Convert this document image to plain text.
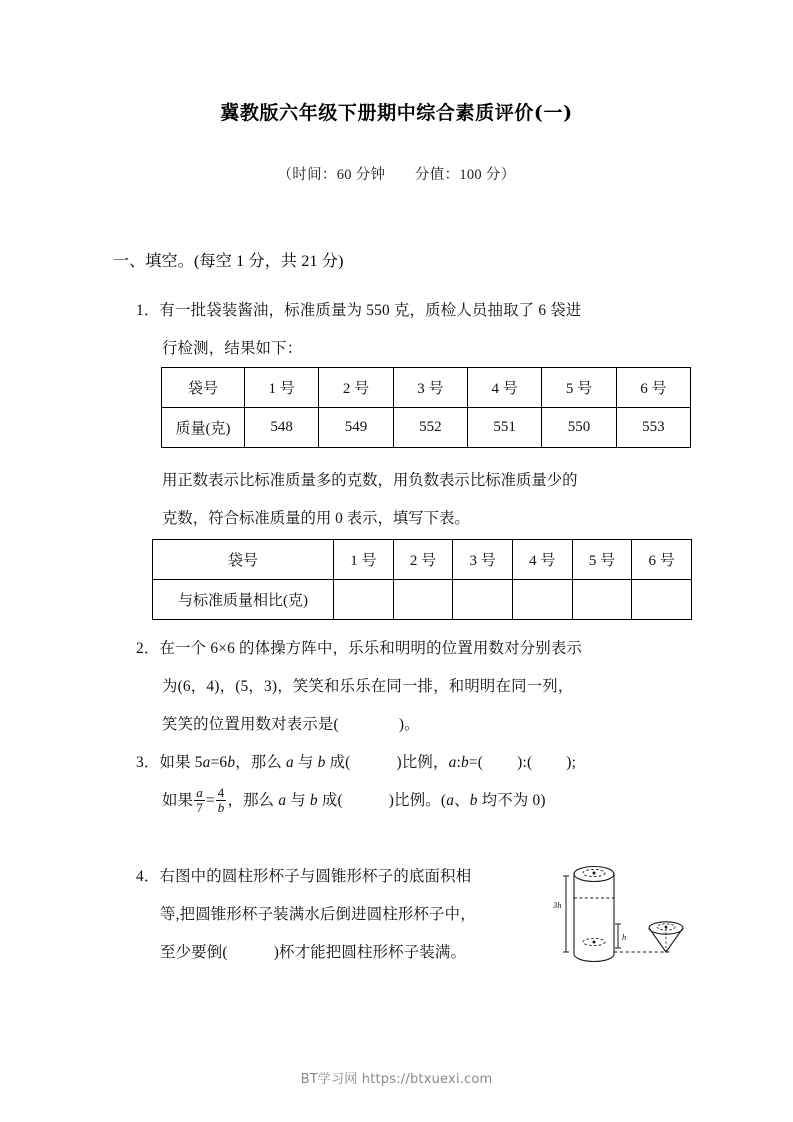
冀教版六年级下册期中综合素质评价(一)
（时间：60 分钟　　分值：100 分）
一、填空。(每空 1 分，共 21 分)
1．有一批袋装酱油，标准质量为 550 克，质检人员抽取了 6 袋进
行检测，结果如下：
袋号	1 号	2 号	3 号	4 号	5 号	6 号
质量(克)	548	549	552	551	550	553
用正数表示比标准质量多的克数，用负数表示比标准质量少的
克数，符合标准质量的用 0 表示，填写下表。
袋号	1 号	2 号	3 号	4 号	5 号	6 号
与标准质量相比(克)						
2．在一个 6×6 的体操方阵中，乐乐和明明的位置用数对分别表示
为(6，4)，(5，3)，笑笑和乐乐在同一排，和明明在同一列，
笑笑的位置用数对表示是(	)。
3．如果 5a=6b，那么 a 与 b 成(	)比例，a:b=( ):( );
如果 $\frac{a}{7} = \frac{4}{b}$ ，那么 a 与 b 成(	)比例。(a、b 均不为 0)
4．右图中的圆柱形杯子与圆锥形杯子的底面积相
等,把圆锥形杯子装满水后倒进圆柱形杯子中，
至少要倒(	)杯才能把圆柱形杯子装满。
3h
h
BT学习网 https://btxuexi.com
